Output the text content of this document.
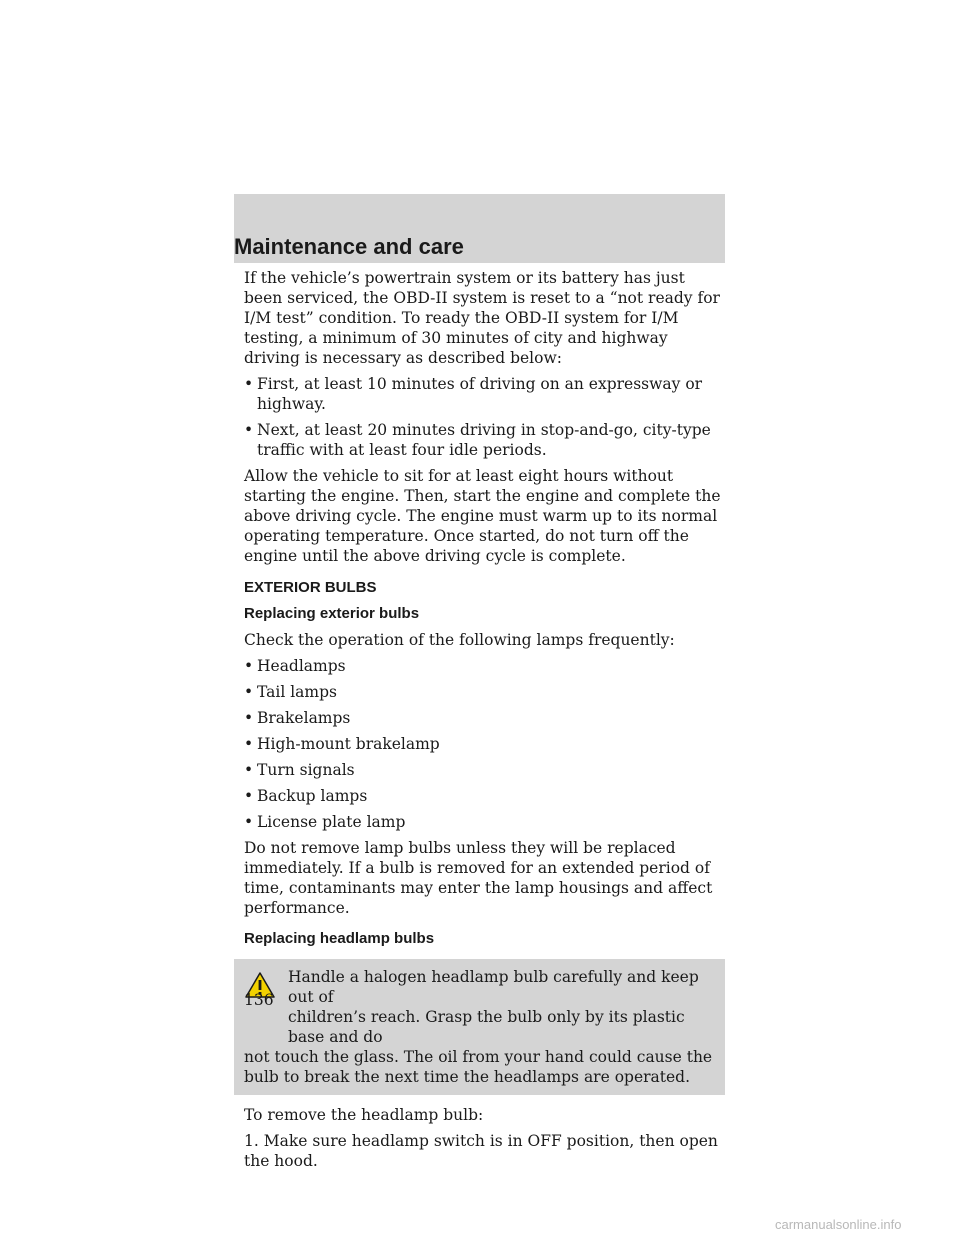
Maintenance and care

If the vehicle’s powertrain system or its battery has just been serviced, the OBD-II system is reset to a “not ready for I/M test” condition. To ready the OBD-II system for I/M testing, a minimum of 30 minutes of city and highway driving is necessary as described below:

• First, at least 10 minutes of driving on an expressway or highway.
• Next, at least 20 minutes driving in stop-and-go, city-type traffic with at least four idle periods.

Allow the vehicle to sit for at least eight hours without starting the engine. Then, start the engine and complete the above driving cycle. The engine must warm up to its normal operating temperature. Once started, do not turn off the engine until the above driving cycle is complete.

EXTERIOR BULBS
Replacing exterior bulbs

Check the operation of the following lamps frequently:

• Headlamps
• Tail lamps
• Brakelamps
• High-mount brakelamp
• Turn signals
• Backup lamps
• License plate lamp

Do not remove lamp bulbs unless they will be replaced immediately. If a bulb is removed for an extended period of time, contaminants may enter the lamp housings and affect performance.

Replacing headlamp bulbs
Handle a halogen headlamp bulb carefully and keep out of
children’s reach. Grasp the bulb only by its plastic base and do
not touch the glass. The oil from your hand could cause the bulb to break the next time the headlamps are operated.

To remove the headlamp bulb:

1. Make sure headlamp switch is in OFF position, then open the hood.

136
carmanualsonline.info
